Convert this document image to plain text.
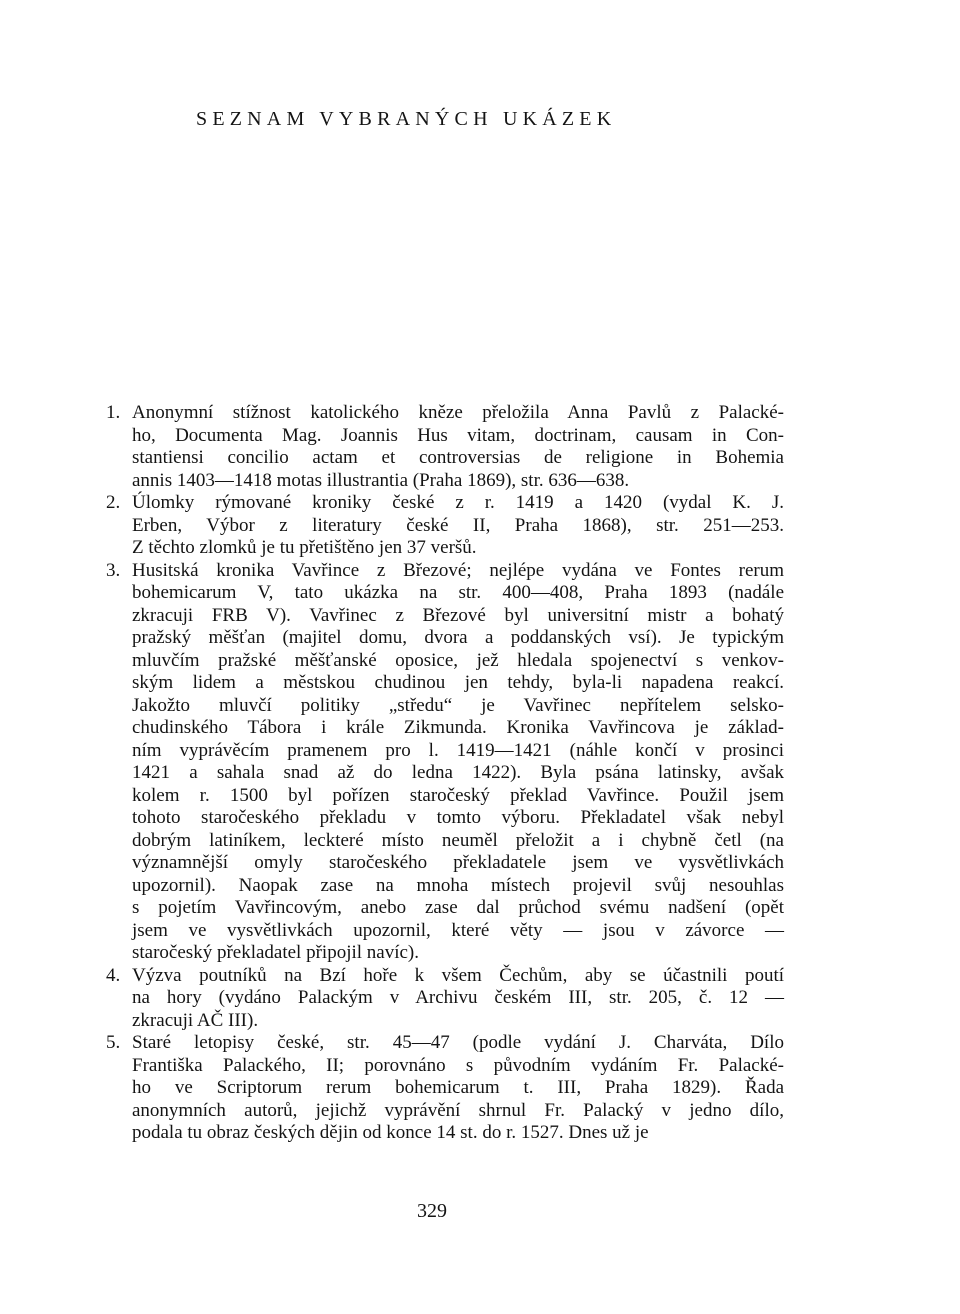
SEZNAM VYBRANÝCH UKÁZEK
1. Anonymní stížnost katolického kněze přeložila Anna Pavlů z Palacké-
ho, Documenta Mag. Joannis Hus vitam, doctrinam, causam in Con-
stantiensi concilio actam et controversias de religione in Bohemia
annis 1403—1418 motas illustrantia (Praha 1869), str. 636—638.
2. Úlomky rýmované kroniky české z r. 1419 a 1420 (vydal K. J.
Erben, Výbor z literatury české II, Praha 1868), str. 251—253.
Z těchto zlomků je tu přetištěno jen 37 veršů.
3. Husitská kronika Vavřince z Březové; nejlépe vydána ve Fontes rerum
bohemicarum V, tato ukázka na str. 400—408, Praha 1893 (nadále
zkracuji FRB V). Vavřinec z Březové byl universitní mistr a bohatý
pražský měšťan (majitel domu, dvora a poddanských vsí). Je typickým
mluvčím pražské měšťanské oposice, jež hledala spojenectví s venkov-
ským lidem a městskou chudinou jen tehdy, byla-li napadena reakcí.
Jakožto mluvčí politiky „středu“ je Vavřinec nepřítelem selsko-
chudinského Tábora i krále Zikmunda. Kronika Vavřincova je základ-
ním vyprávěcím pramenem pro l. 1419—1421 (náhle končí v prosinci
1421 a sahala snad až do ledna 1422). Byla psána latinsky, avšak
kolem r. 1500 byl pořízen staročeský překlad Vavřince. Použil jsem
tohoto staročeského překladu v tomto výboru. Překladatel však nebyl
dobrým latiníkem, leckteré místo neuměl přeložit a i chybně četl (na
významnější omyly staročeského překladatele jsem ve vysvětlivkách
upozornil). Naopak zase na mnoha místech projevil svůj nesouhlas
s pojetím Vavřincovým, anebo zase dal průchod svému nadšení (opět
jsem ve vysvětlivkách upozornil, které věty — jsou v závorce —
staročeský překladatel připojil navíc).
4. Výzva poutníků na Bzí hoře k všem Čechům, aby se účastnili poutí
na hory (vydáno Palackým v Archivu českém III, str. 205, č. 12 —
zkracuji AČ III).
5. Staré letopisy české, str. 45—47 (podle vydání J. Charváta, Dílo
Františka Palackého, II; porovnáno s původním vydáním Fr. Palacké-
ho ve Scriptorum rerum bohemicarum t. III, Praha 1829). Řada
anonymních autorů, jejichž vyprávění shrnul Fr. Palacký v jedno dílo,
podala tu obraz českých dějin od konce 14 st. do r. 1527. Dnes už je
329
